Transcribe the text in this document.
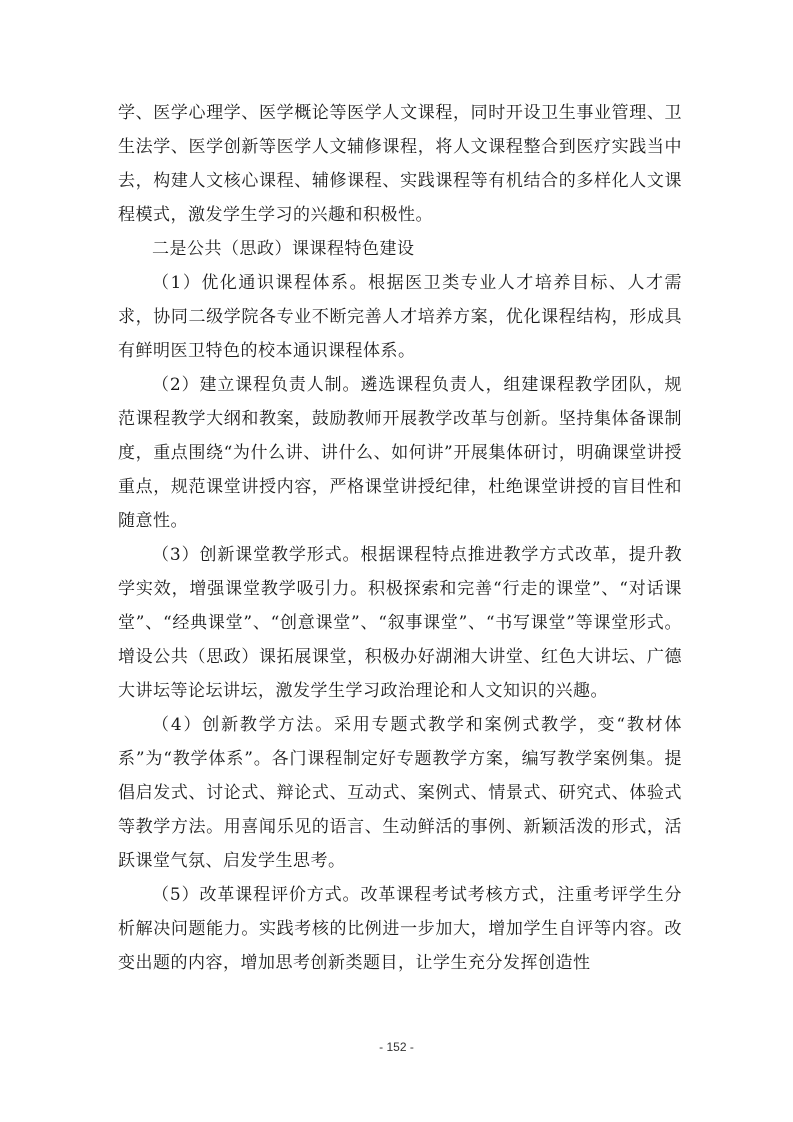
学、医学心理学、医学概论等医学人文课程，同时开设卫生事业管理、卫生法学、医学创新等医学人文辅修课程，将人文课程整合到医疗实践当中去，构建人文核心课程、辅修课程、实践课程等有机结合的多样化人文课程模式，激发学生学习的兴趣和积极性。

二是公共（思政）课课程特色建设

（1）优化通识课程体系。根据医卫类专业人才培养目标、人才需求，协同二级学院各专业不断完善人才培养方案，优化课程结构，形成具有鲜明医卫特色的校本通识课程体系。

（2）建立课程负责人制。遴选课程负责人，组建课程教学团队，规范课程教学大纲和教案，鼓励教师开展教学改革与创新。坚持集体备课制度，重点围绕“为什么讲、讲什么、如何讲”开展集体研讨，明确课堂讲授重点，规范课堂讲授内容，严格课堂讲授纪律，杜绝课堂讲授的盲目性和随意性。

（3）创新课堂教学形式。根据课程特点推进教学方式改革，提升教学实效，增强课堂教学吸引力。积极探索和完善“行走的课堂”、“对话课堂”、“经典课堂”、“创意课堂”、“叙事课堂”、“书写课堂”等课堂形式。增设公共（思政）课拓展课堂，积极办好湖湘大讲堂、红色大讲坛、广德大讲坛等论坛讲坛，激发学生学习政治理论和人文知识的兴趣。

（4）创新教学方法。采用专题式教学和案例式教学，变“教材体系”为“教学体系”。各门课程制定好专题教学方案，编写教学案例集。提倡启发式、讨论式、辩论式、互动式、案例式、情景式、研究式、体验式等教学方法。用喜闻乐见的语言、生动鲜活的事例、新颖活泼的形式，活跃课堂气氛、启发学生思考。

（5）改革课程评价方式。改革课程考试考核方式，注重考评学生分析解决问题能力。实践考核的比例进一步加大，增加学生自评等内容。改变出题的内容，增加思考创新类题目，让学生充分发挥创造性

- 152 -
